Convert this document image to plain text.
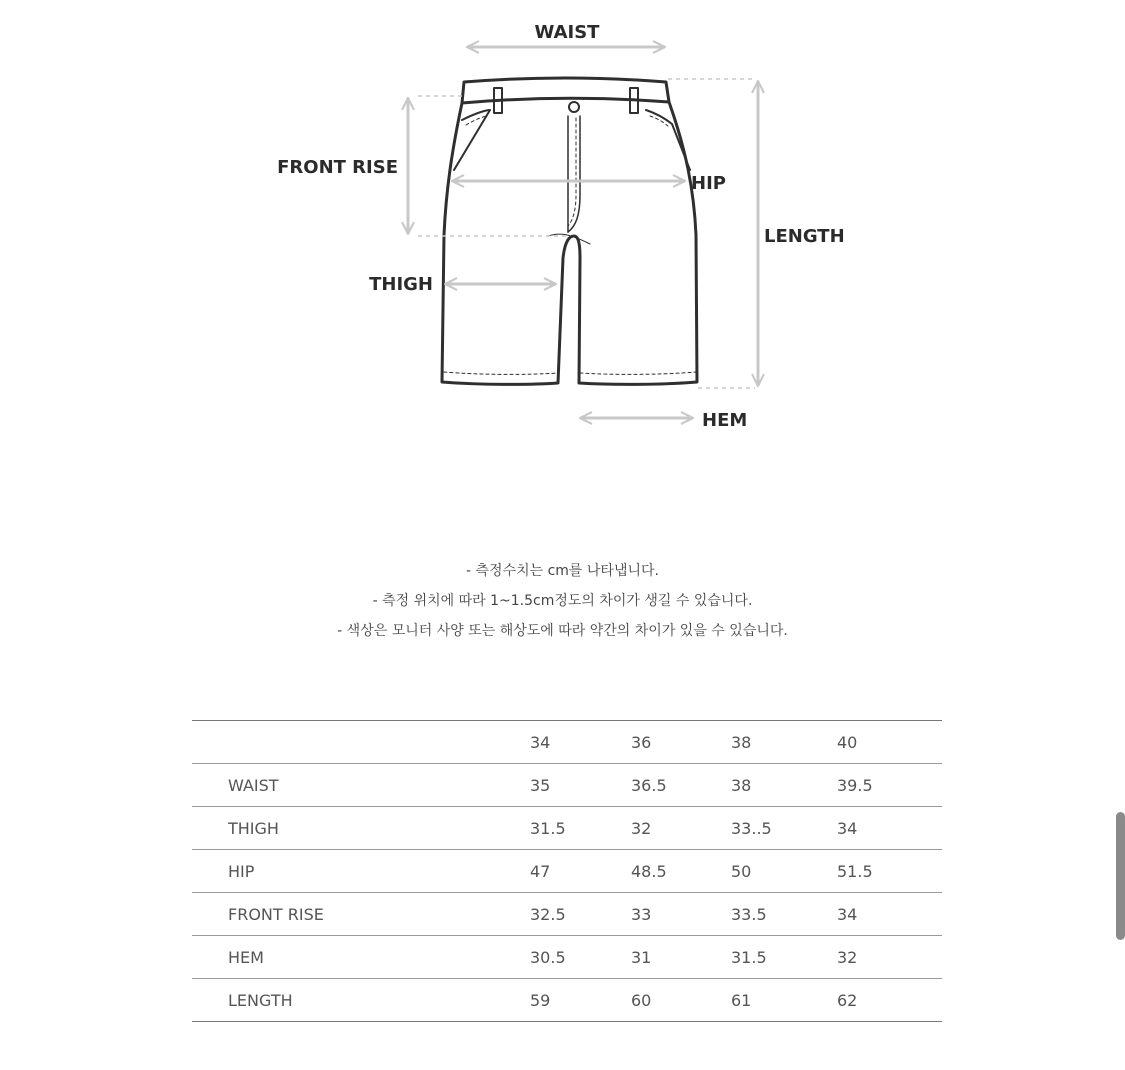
WAIST
FRONT RISE
HIP
LENGTH
THIGH
HEM
- 측정수치는 cm를 나타냅니다.
- 측정 위치에 따라 1~1.5cm정도의 차이가 생길 수 있습니다.
- 색상은 모니터 사양 또는 해상도에 따라 약간의 차이가 있을 수 있습니다.
	34	36	38	40
WAIST	35	36.5	38	39.5
THIGH	31.5	32	33..5	34
HIP	47	48.5	50	51.5
FRONT RISE	32.5	33	33.5	34
HEM	30.5	31	31.5	32
LENGTH	59	60	61	62
